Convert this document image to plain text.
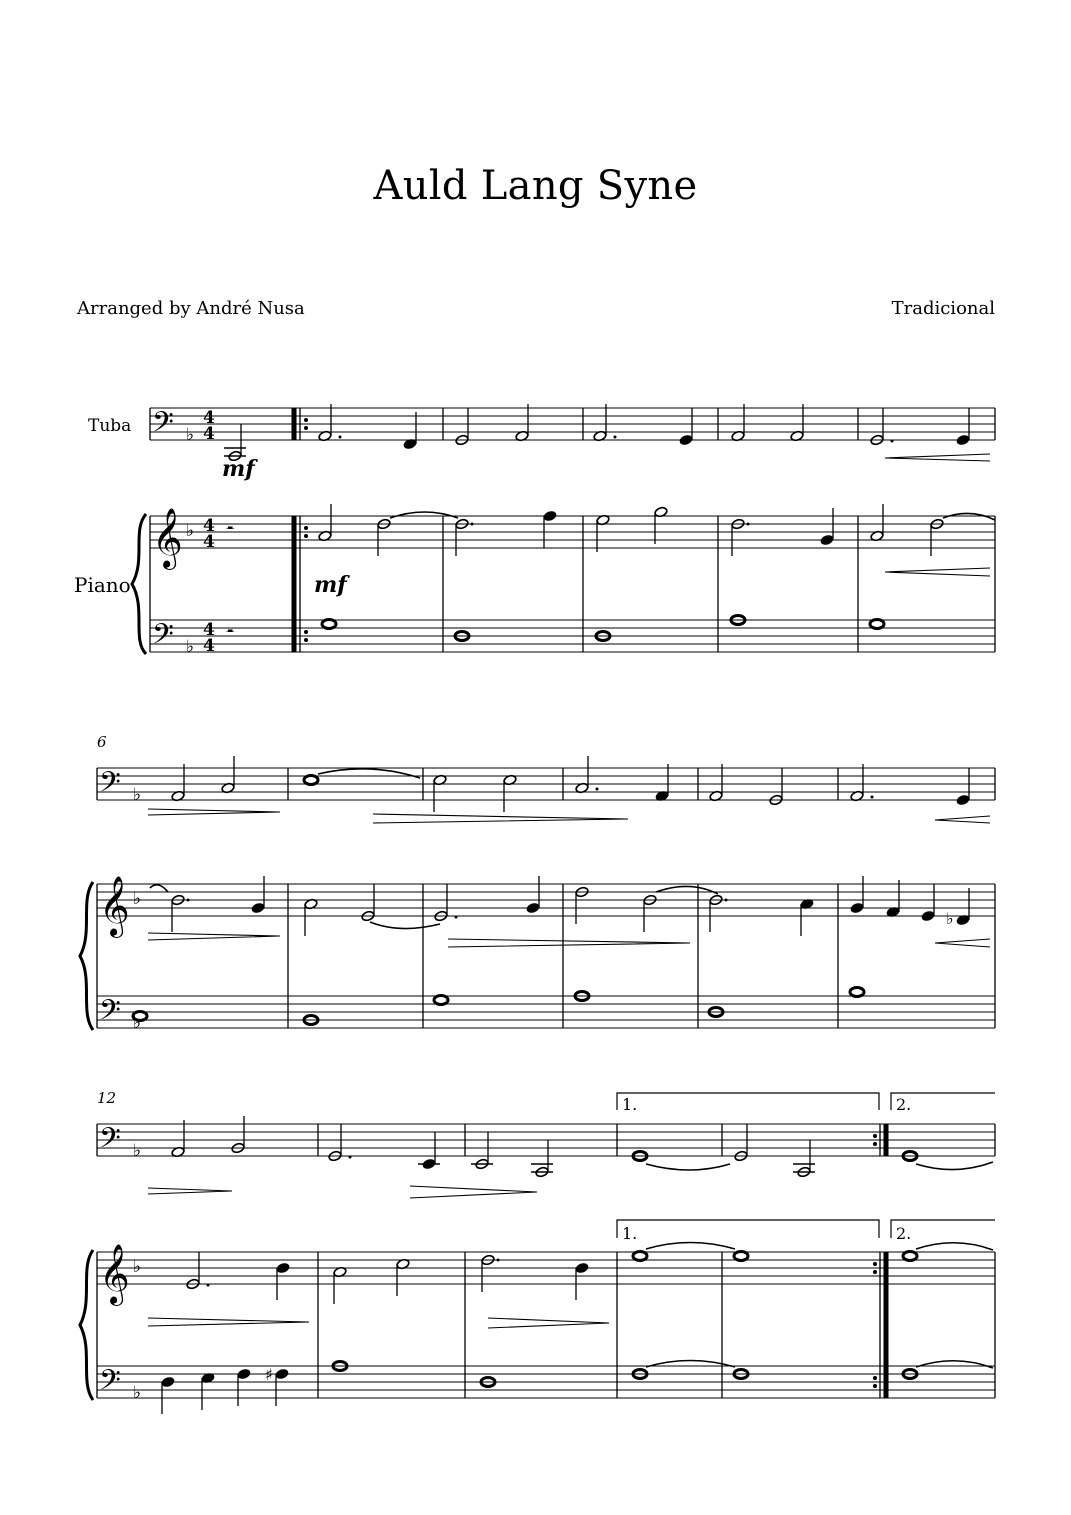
Auld Lang Syne
Arranged by André Nusa	Tradicional
Tuba
Piano
𝄢
𝄞
𝄢
♭
♭
♭
4
4
4
4
4
4
mf
𝄼
𝄼
mf
6
𝄢
𝄞
𝄢
♭
♭
♭
♭
12
𝄢
𝄞
𝄢
♭
♭
♭
1.	2.
1.	2.
♯
